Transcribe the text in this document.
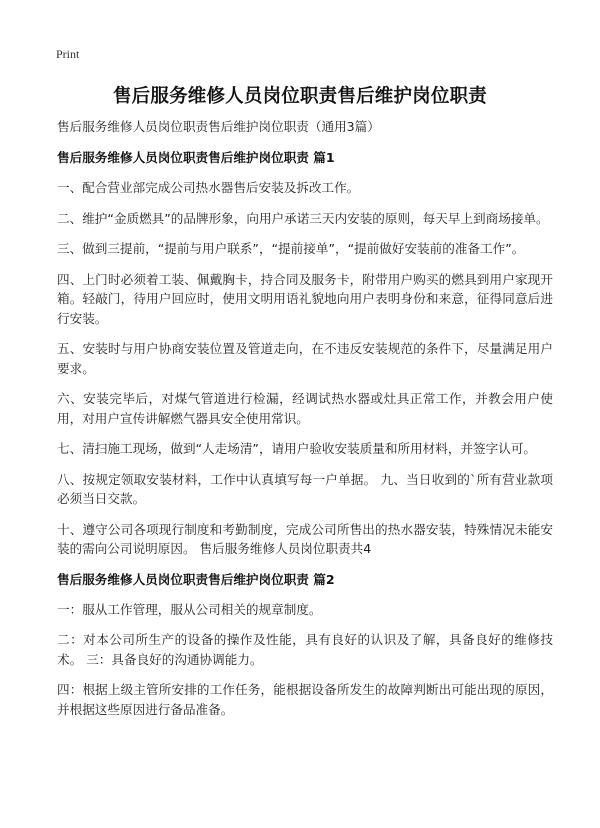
Print
售后服务维修人员岗位职责售后维护岗位职责

售后服务维修人员岗位职责售后维护岗位职责（通用3篇）

售后服务维修人员岗位职责售后维护岗位职责 篇1

一、配合营业部完成公司热水器售后安装及拆改工作。

二、维护“金质燃具”的品牌形象，向用户承诺三天内安装的原则，每天早上到商场接单。

三、做到三提前，“提前与用户联系”，“提前接单”，“提前做好安装前的准备工作”。

四、上门时必须着工装、佩戴胸卡，持合同及服务卡，附带用户购买的燃具到用户家现开箱。轻敲门，待用户回应时，使用文明用语礼貌地向用户表明身份和来意，征得同意后进行安装。

五、安装时与用户协商安装位置及管道走向，在不违反安装规范的条件下，尽量满足用户要求。

六、安装完毕后，对煤气管道进行检漏，经调试热水器或灶具正常工作，并教会用户使用，对用户宣传讲解燃气器具安全使用常识。

七、清扫施工现场，做到“人走场清”，请用户验收安装质量和所用材料，并签字认可。

八、按规定领取安装材料，工作中认真填写每一户单据。 九、当日收到的`所有营业款项必须当日交款。

十、遵守公司各项现行制度和考勤制度，完成公司所售出的热水器安装，特殊情况未能安装的需向公司说明原因。 售后服务维修人员岗位职责共4

售后服务维修人员岗位职责售后维护岗位职责 篇2

一：服从工作管理，服从公司相关的规章制度。

二：对本公司所生产的设备的操作及性能，具有良好的认识及了解，具备良好的维修技术。 三：具备良好的沟通协调能力。

四：根据上级主管所安排的工作任务，能根据设备所发生的故障判断出可能出现的原因，并根据这些原因进行备品准备。
